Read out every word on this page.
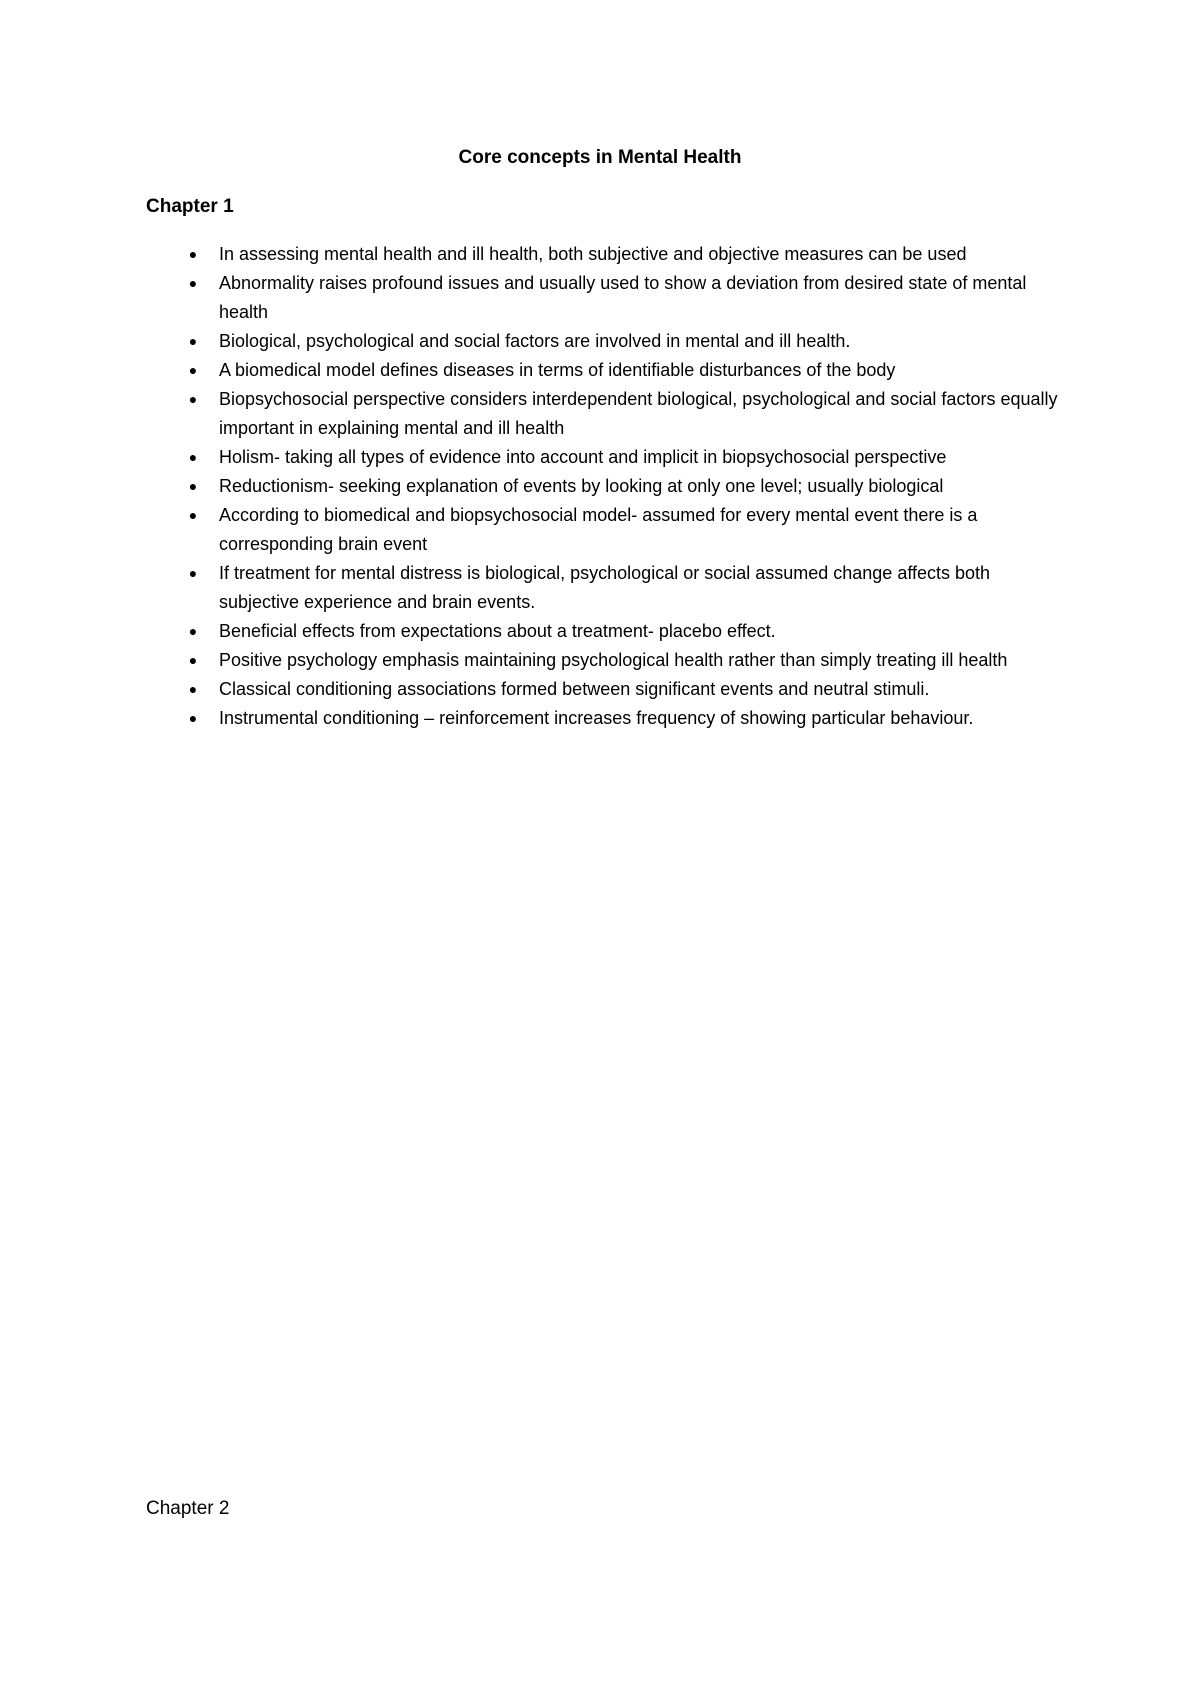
Core concepts in Mental Health
Chapter 1
● In assessing mental health and ill health, both subjective and objective measures can be used
● Abnormality raises profound issues and usually used to show a deviation from desired state of mental health
● Biological, psychological and social factors are involved in mental and ill health.
● A biomedical model defines diseases in terms of identifiable disturbances of the body
● Biopsychosocial perspective considers interdependent biological, psychological and social factors equally important in explaining mental and ill health
● Holism- taking all types of evidence into account and implicit in biopsychosocial perspective
● Reductionism- seeking explanation of events by looking at only one level; usually biological
● According to biomedical and biopsychosocial model- assumed for every mental event there is a corresponding brain event
● If treatment for mental distress is biological, psychological or social assumed change affects both subjective experience and brain events.
● Beneficial effects from expectations about a treatment- placebo effect.
● Positive psychology emphasis maintaining psychological health rather than simply treating ill health
● Classical conditioning associations formed between significant events and neutral stimuli.
● Instrumental conditioning – reinforcement increases frequency of showing particular behaviour.
Chapter 2
